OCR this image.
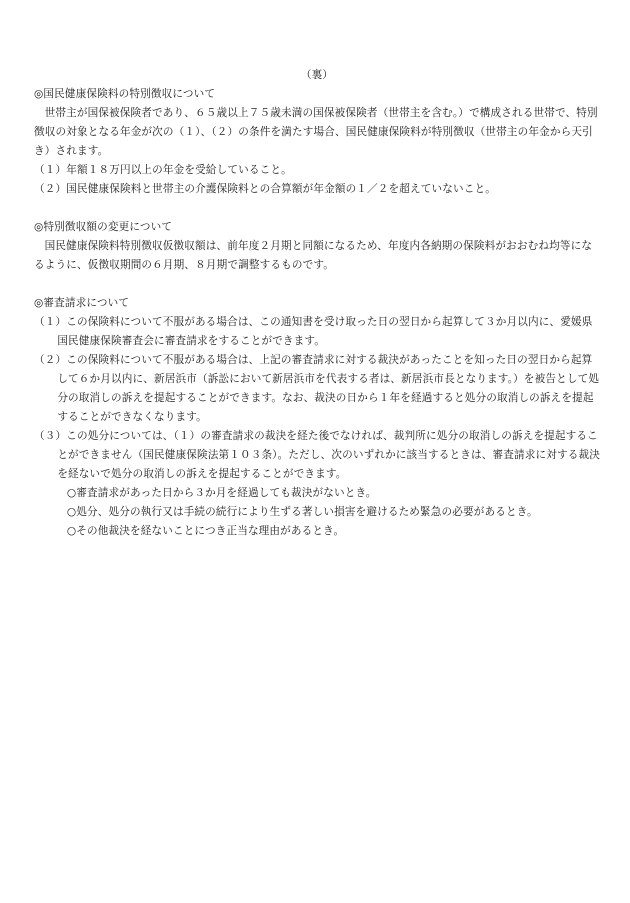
（裏）

◎国民健康保険料の特別徴収について

世帯主が国保被保険者であり、６５歳以上７５歳未満の国保被保険者（世帯主を含む。）で構成される世帯で、特別徴収の対象となる年金が次の（１）、（２）の条件を満たす場合、国民健康保険料が特別徴収（世帯主の年金から天引き）されます。

（１）年額１８万円以上の年金を受給していること。

（２）国民健康保険料と世帯主の介護保険料との合算額が年金額の１／２を超えていないこと。

◎特別徴収額の変更について

国民健康保険料特別徴収仮徴収額は、前年度２月期と同額になるため、年度内各納期の保険料がおおむね均等になるように、仮徴収期間の６月期、８月期で調整するものです。

◎審査請求について

（１）この保険料について不服がある場合は、この通知書を受け取った日の翌日から起算して３か月以内に、愛媛県国民健康保険審査会に審査請求をすることができます。

（２）この保険料について不服がある場合は、上記の審査請求に対する裁決があったことを知った日の翌日から起算して６か月以内に、新居浜市（訴訟において新居浜市を代表する者は、新居浜市長となります。）を被告として処分の取消しの訴えを提起することができます。なお、裁決の日から１年を経過すると処分の取消しの訴えを提起することができなくなります。

（３）この処分については、（１）の審査請求の裁決を経た後でなければ、裁判所に処分の取消しの訴えを提起することができません（国民健康保険法第１０３条）。ただし、次のいずれかに該当するときは、審査請求に対する裁決を経ないで処分の取消しの訴えを提起することができます。

○審査請求があった日から３か月を経過しても裁決がないとき。

○処分、処分の執行又は手続の続行により生ずる著しい損害を避けるため緊急の必要があるとき。

○その他裁決を経ないことにつき正当な理由があるとき。
